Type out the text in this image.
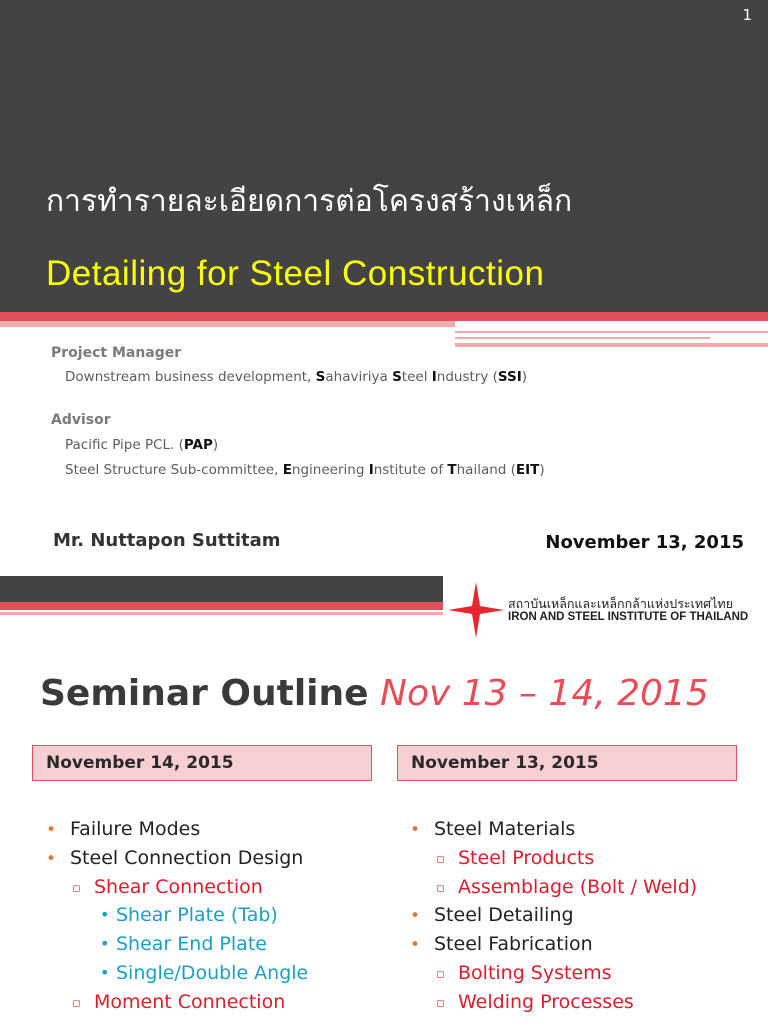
1
การทำรายละเอียดการต่อโครงสร้างเหล็ก
Detailing for Steel Construction
Project Manager
Downstream business development, Sahaviriya Steel Industry (SSI)
Advisor
Pacific Pipe PCL. (PAP)
Steel Structure Sub-committee, Engineering Institute of Thailand (EIT)
Mr. Nuttapon Suttitam	November 13, 2015
สถาบันเหล็กและเหล็กกล้าแห่งประเทศไทย
IRON AND STEEL INSTITUTE OF THAILAND
Seminar Outline Nov 13 – 14, 2015
November 14, 2015	November 13, 2015
• Failure Modes
• Steel Connection Design
▫ Shear Connection
• Shear Plate (Tab)
• Shear End Plate
• Single/Double Angle
▫ Moment Connection
• Steel Materials
▫ Steel Products
▫ Assemblage (Bolt / Weld)
• Steel Detailing
• Steel Fabrication
▫ Bolting Systems
▫ Welding Processes
